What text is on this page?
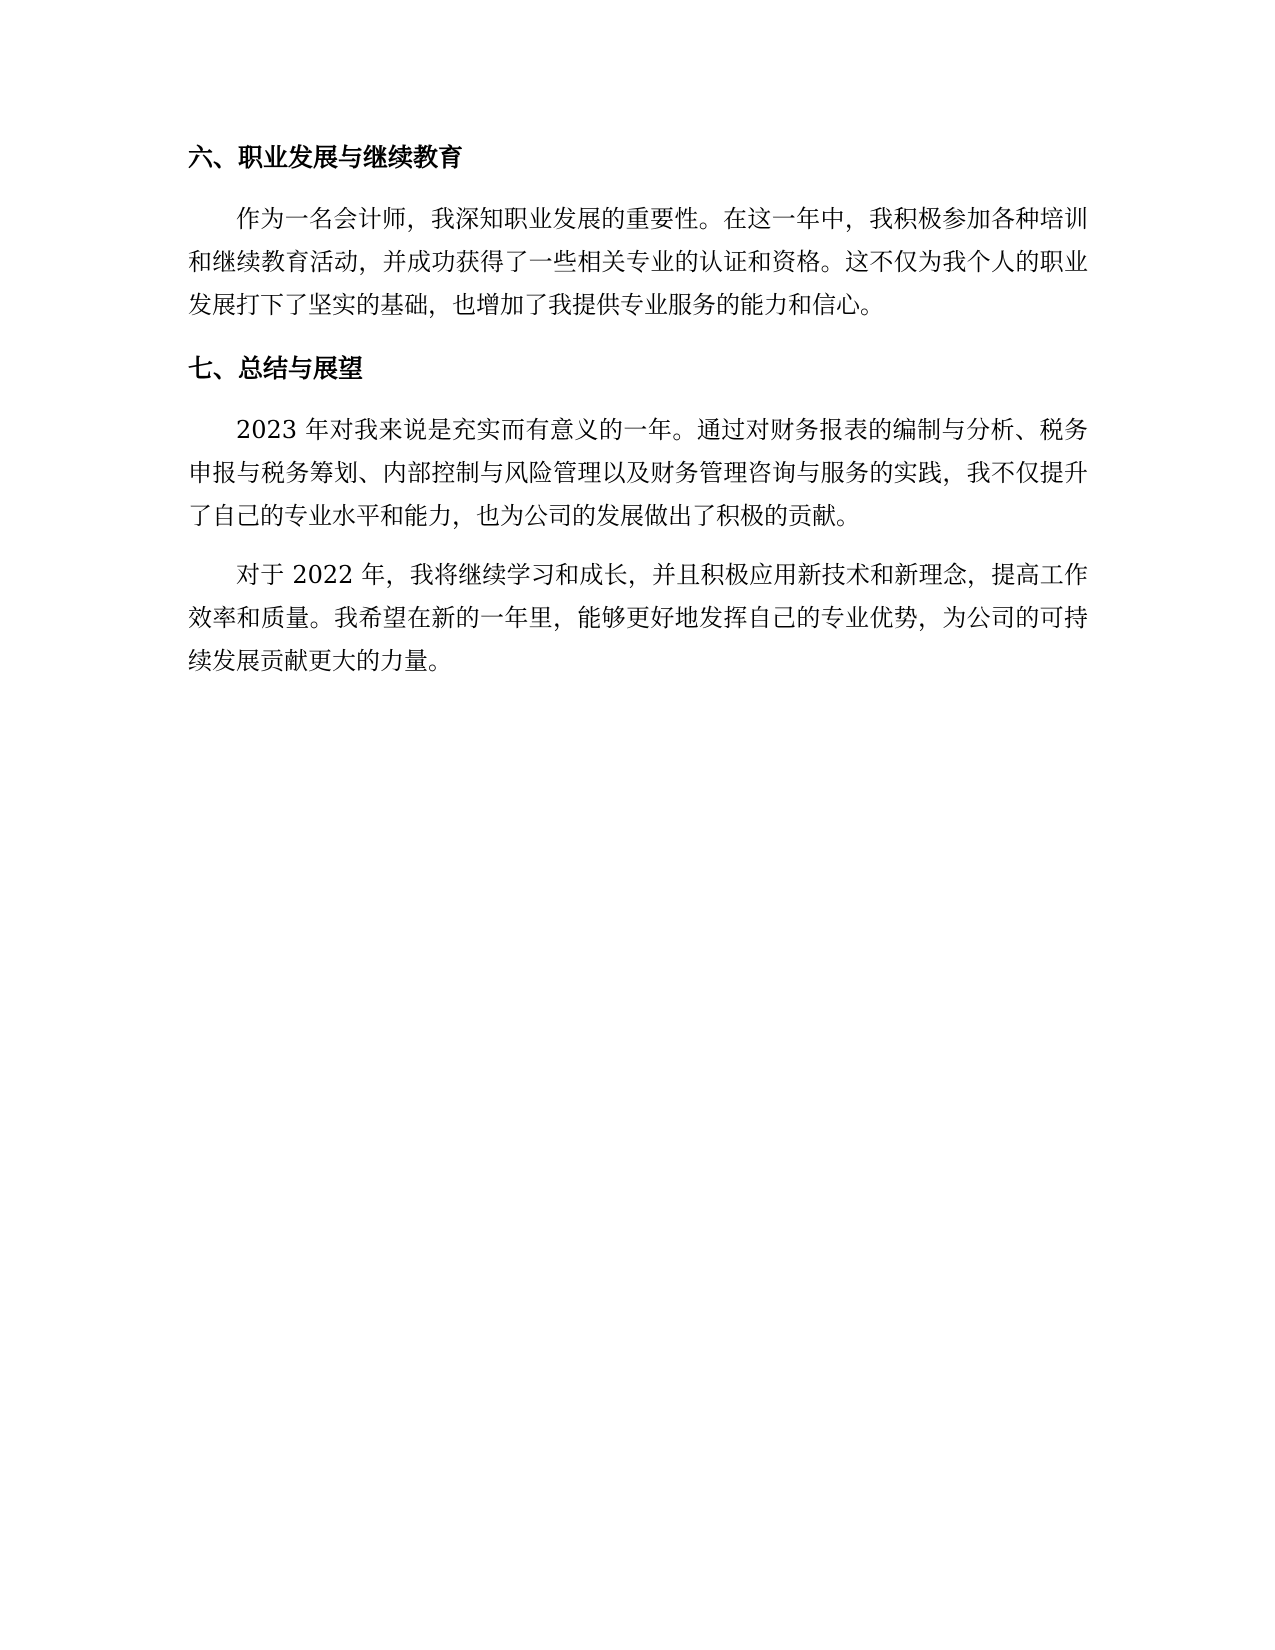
六、职业发展与继续教育

作为一名会计师，我深知职业发展的重要性。在这一年中，我积极参加各种培训和继续教育活动，并成功获得了一些相关专业的认证和资格。这不仅为我个人的职业发展打下了坚实的基础，也增加了我提供专业服务的能力和信心。

七、总结与展望

2023 年对我来说是充实而有意义的一年。通过对财务报表的编制与分析、税务申报与税务筹划、内部控制与风险管理以及财务管理咨询与服务的实践，我不仅提升了自己的专业水平和能力，也为公司的发展做出了积极的贡献。

对于 2022 年，我将继续学习和成长，并且积极应用新技术和新理念，提高工作效率和质量。我希望在新的一年里，能够更好地发挥自己的专业优势，为公司的可持续发展贡献更大的力量。
